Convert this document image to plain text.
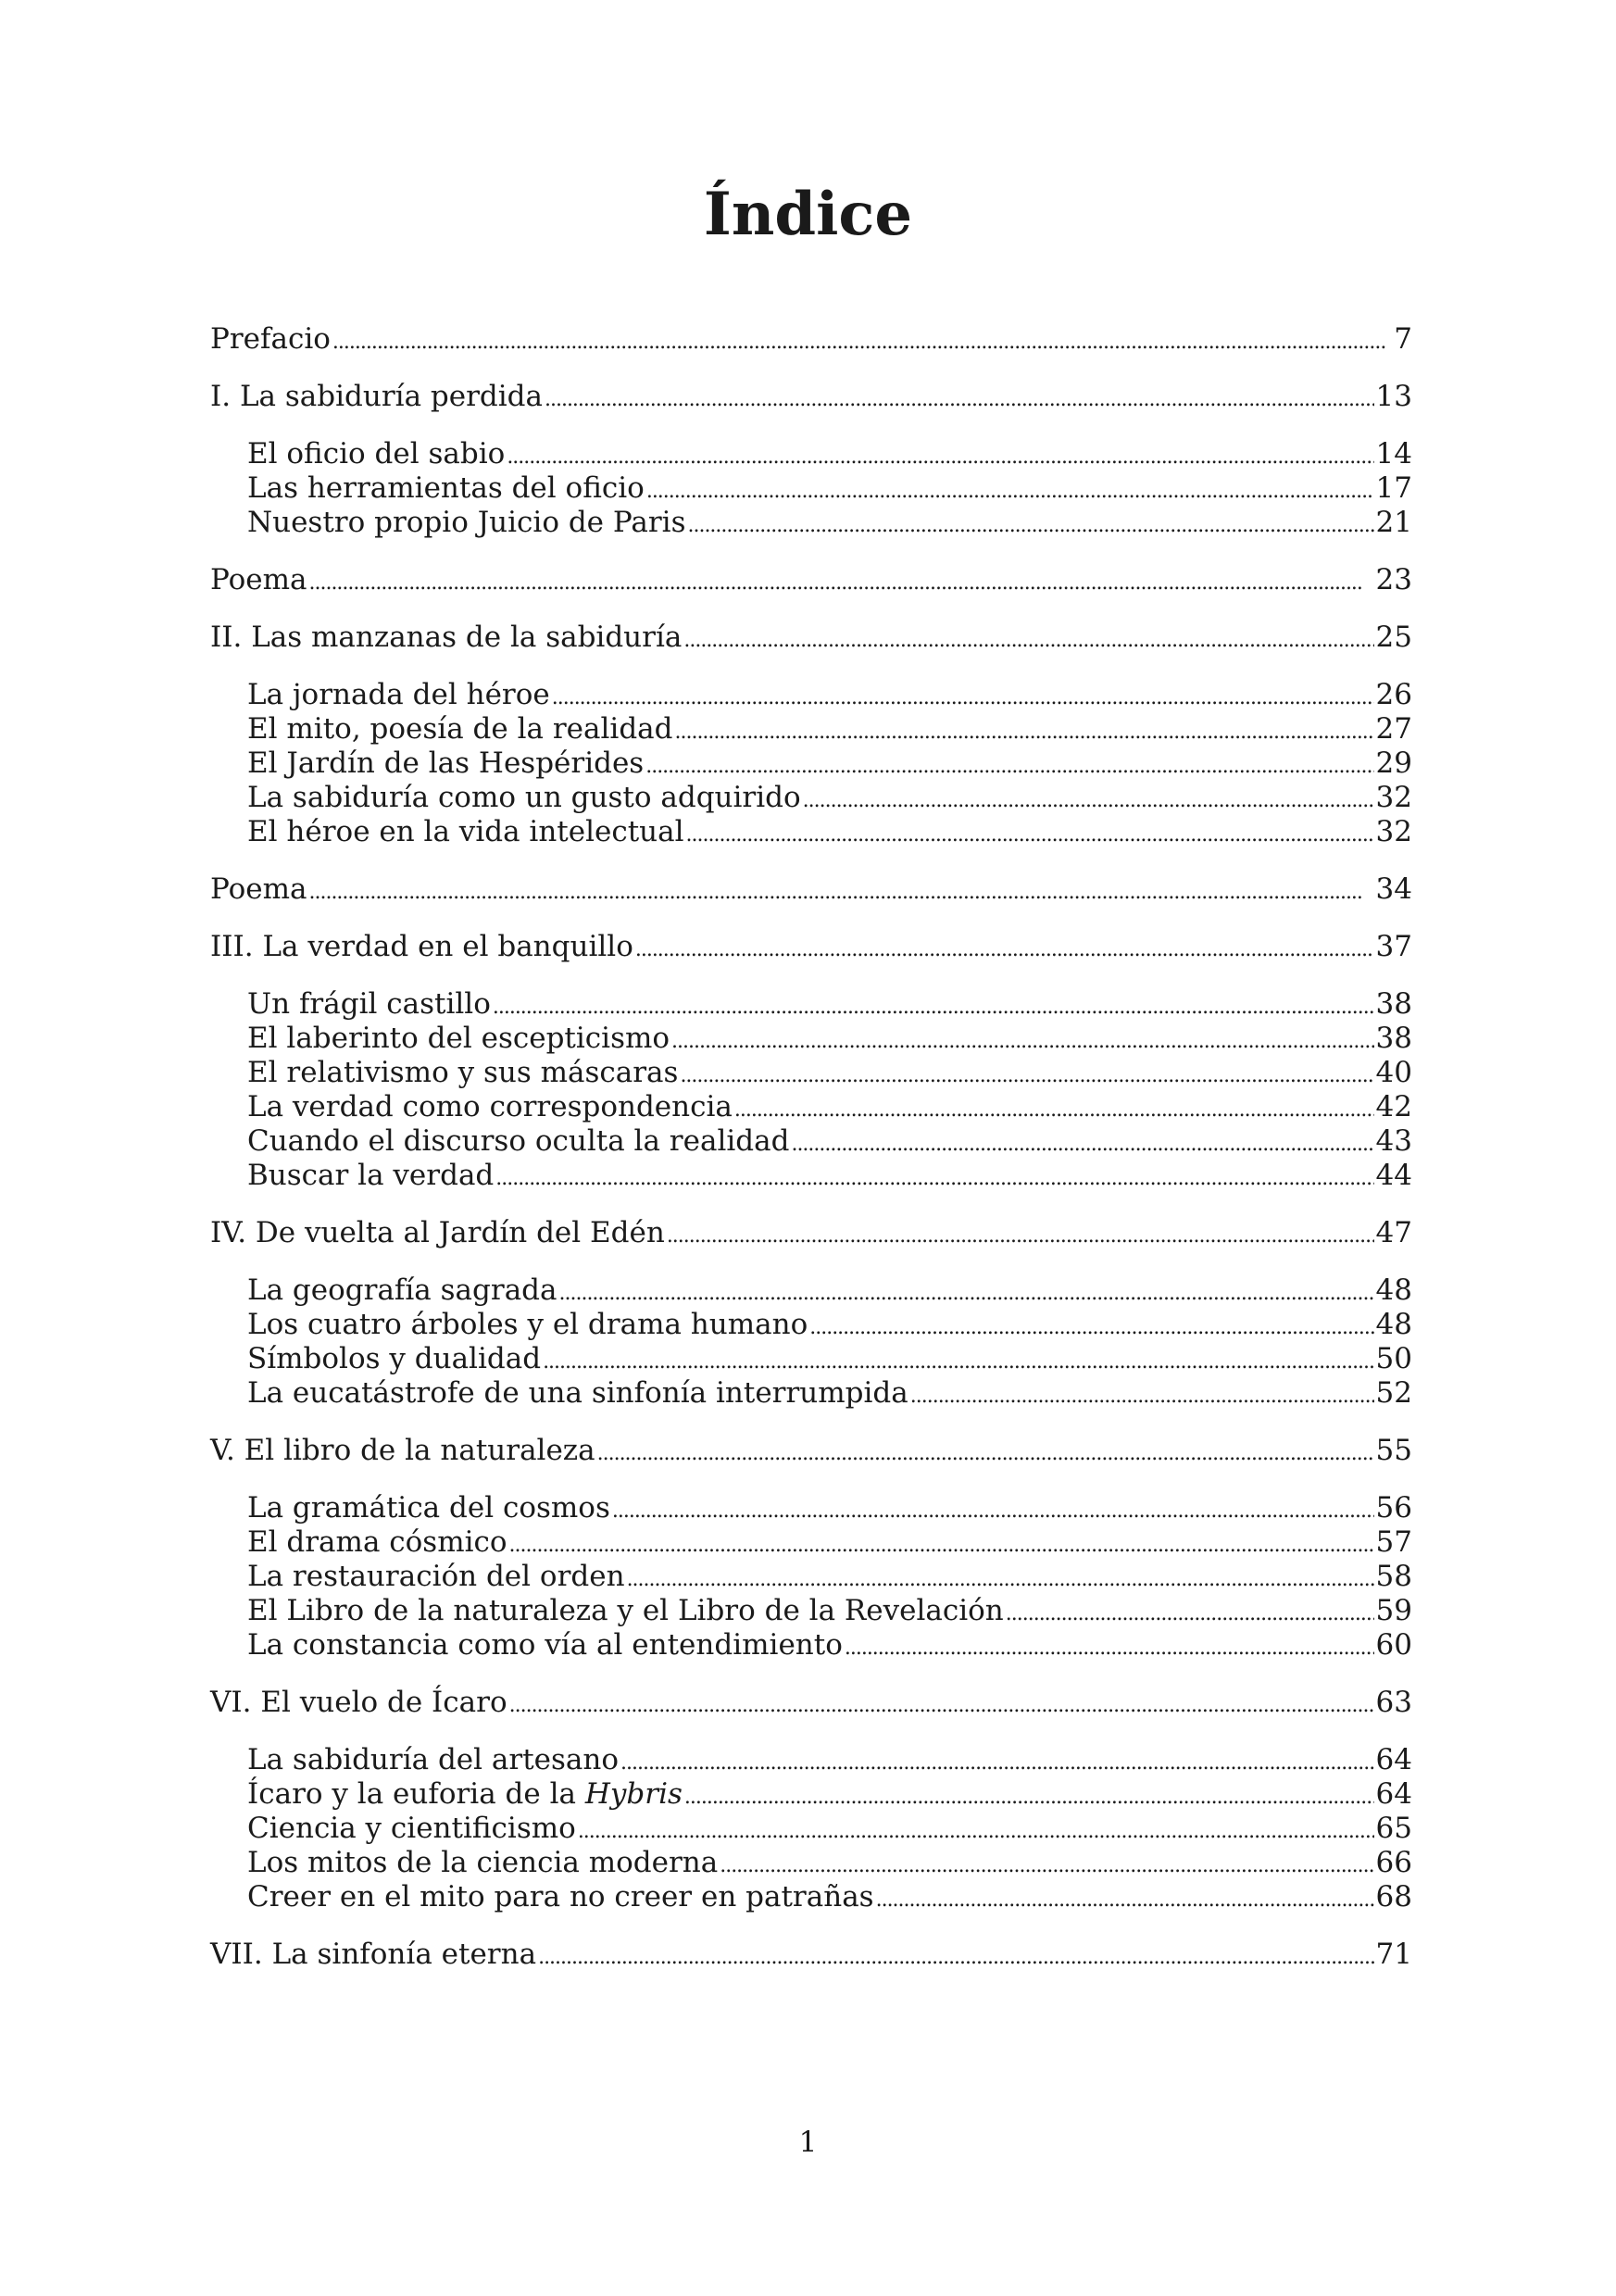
Índice
Prefacio . . .	7
I. La sabiduría perdida . . .	13
El oficio del sabio . . .	14
Las herramientas del oficio . . .	17
Nuestro propio Juicio de Paris . . .	21
Poema . . .	23
II. Las manzanas de la sabiduría . . .	25
La jornada del héroe . . .	26
El mito, poesía de la realidad . . .	27
El Jardín de las Hespérides . . .	29
La sabiduría como un gusto adquirido . . .	32
El héroe en la vida intelectual . . .	32
Poema . . .	34
III. La verdad en el banquillo . . .	37
Un frágil castillo . . .	38
El laberinto del escepticismo . . .	38
El relativismo y sus máscaras . . .	40
La verdad como correspondencia . . .	42
Cuando el discurso oculta la realidad . . .	43
Buscar la verdad . . .	44
IV. De vuelta al Jardín del Edén . . .	47
La geografía sagrada . . .	48
Los cuatro árboles y el drama humano . . .	48
Símbolos y dualidad . . .	50
La eucatástrofe de una sinfonía interrumpida . . .	52
V. El libro de la naturaleza . . .	55
La gramática del cosmos . . .	56
El drama cósmico . . .	57
La restauración del orden . . .	58
El Libro de la naturaleza y el Libro de la Revelación . . .	59
La constancia como vía al entendimiento . . .	60
VI. El vuelo de Ícaro . . .	63
La sabiduría del artesano . . .	64
Ícaro y la euforia de la Hybris . . .	64
Ciencia y cientificismo . . .	65
Los mitos de la ciencia moderna . . .	66
Creer en el mito para no creer en patrañas . . .	68
VII. La sinfonía eterna . . .	71
1
